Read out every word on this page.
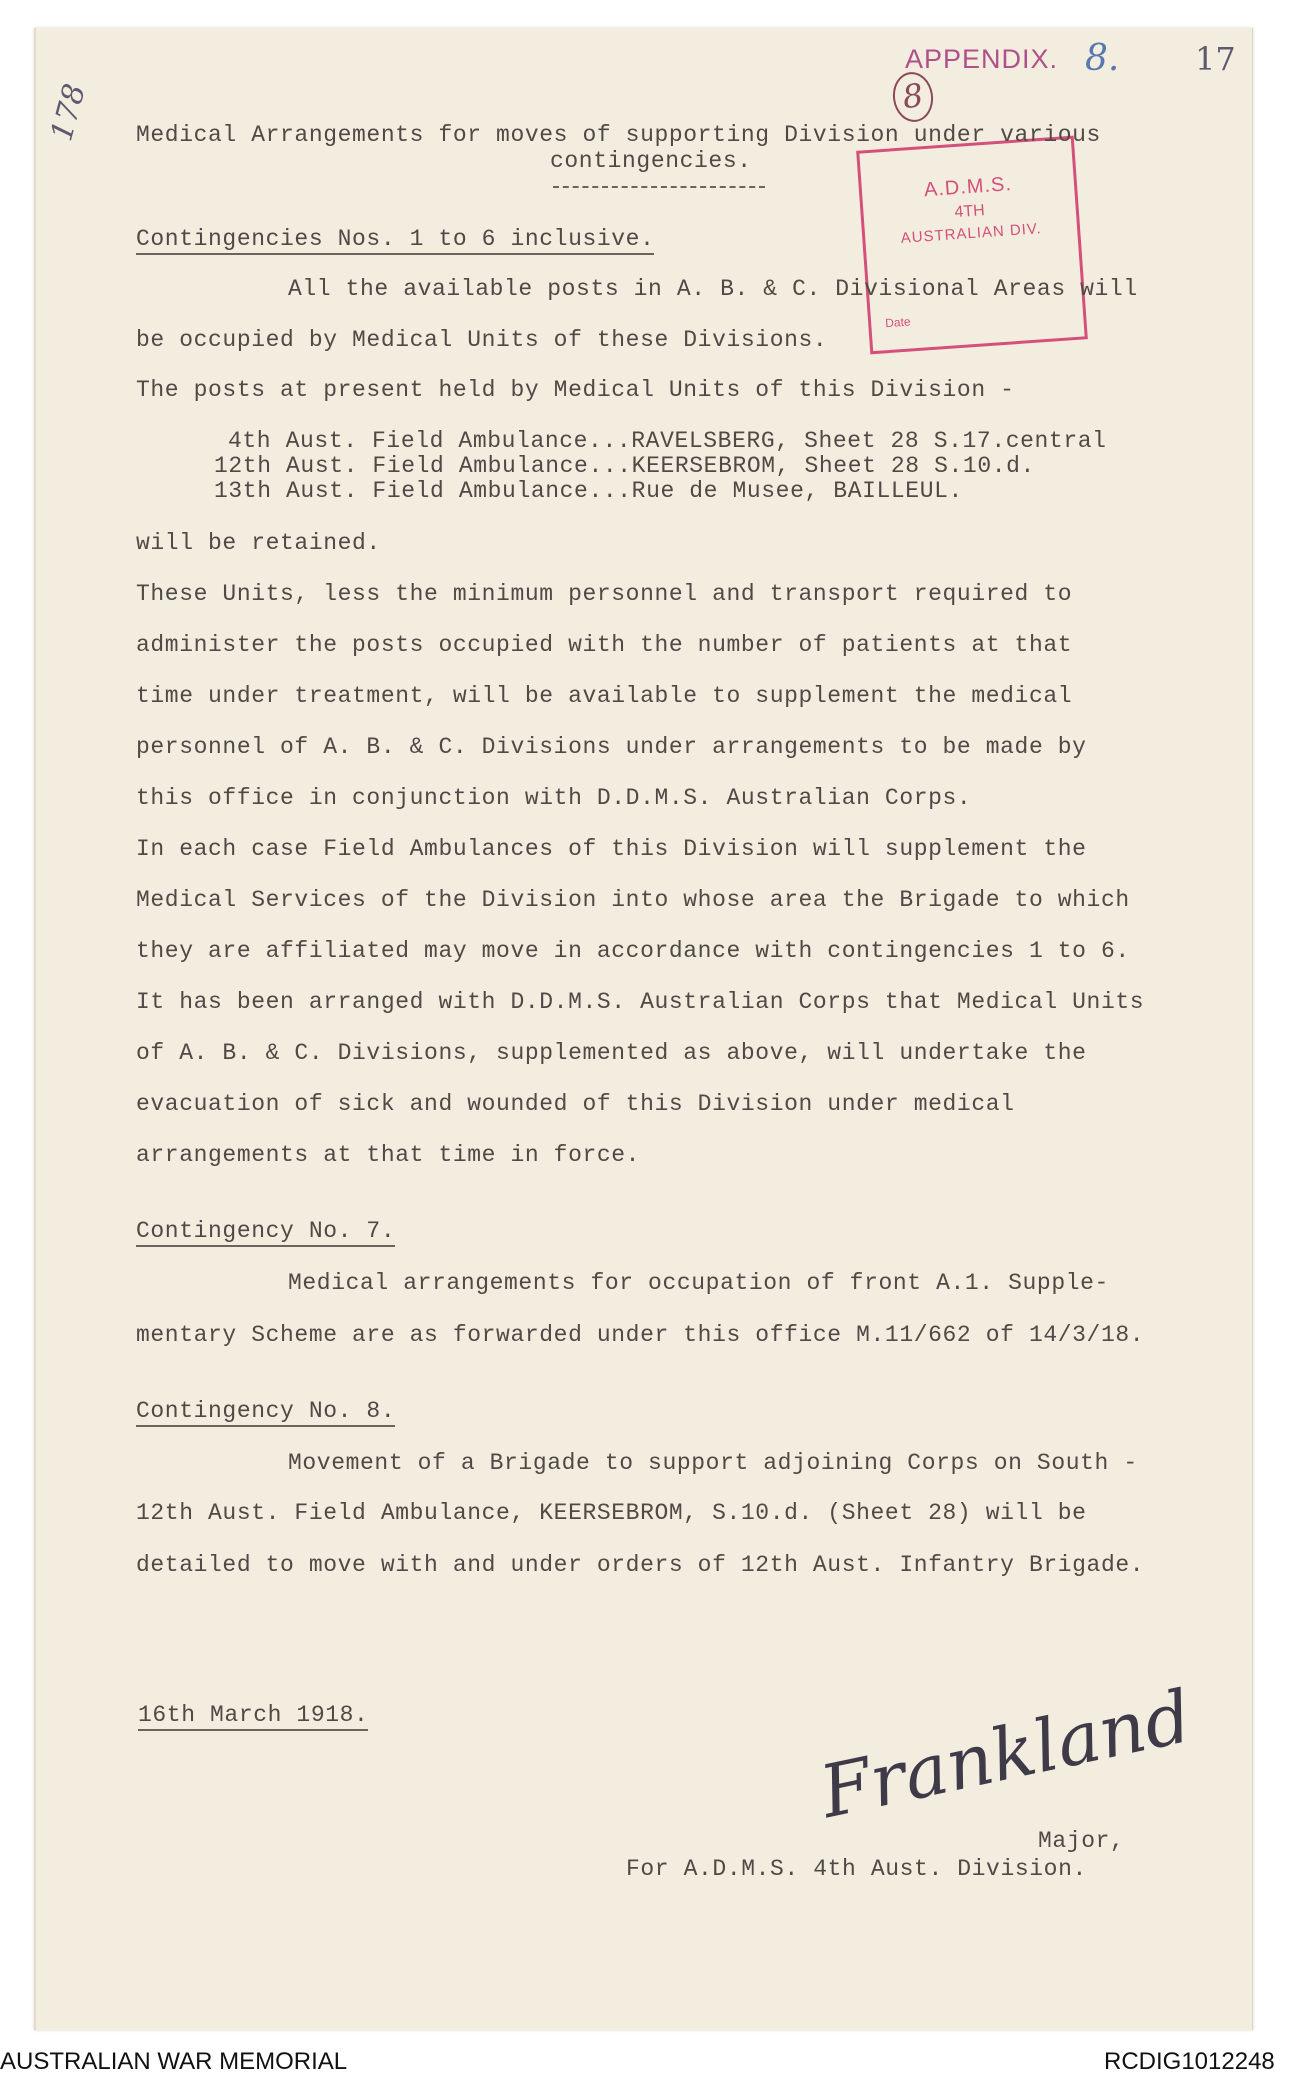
178
17
APPENDIX. 8.
8
A.D.M.S.
4TH
AUSTRALIAN DIV.
Date
Medical Arrangements for moves of supporting Division under various
contingencies.
Contingencies Nos. 1 to 6 inclusive.
All the available posts in A. B. & C. Divisional Areas will
be occupied by Medical Units of these Divisions.
The posts at present held by Medical Units of this Division -
4th Aust. Field Ambulance...RAVELSBERG, Sheet 28 S.17.central
12th Aust. Field Ambulance...KEERSEBROM, Sheet 28 S.10.d.
13th Aust. Field Ambulance...Rue de Musee, BAILLEUL.
will be retained.
These Units, less the minimum personnel and transport required to
administer the posts occupied with the number of patients at that
time under treatment, will be available to supplement the medical
personnel of A. B. & C. Divisions under arrangements to be made by
this office in conjunction with D.D.M.S. Australian Corps.
In each case Field Ambulances of this Division will supplement the
Medical Services of the Division into whose area the Brigade to which
they are affiliated may move in accordance with contingencies 1 to 6.
It has been arranged with D.D.M.S. Australian Corps that Medical Units
of A. B. & C. Divisions, supplemented as above, will undertake the
evacuation of sick and wounded of this Division under medical
arrangements at that time in force.
Contingency No. 7.
Medical arrangements for occupation of front A.1. Supple-
mentary Scheme are as forwarded under this office M.11/662 of 14/3/18.
Contingency No. 8.
Movement of a Brigade to support adjoining Corps on South -
12th Aust. Field Ambulance, KEERSEBROM, S.10.d. (Sheet 28) will be
detailed to move with and under orders of 12th Aust. Infantry Brigade.
16th March 1918.	Frankland
Major,
For A.D.M.S. 4th Aust. Division.
AUSTRALIAN WAR MEMORIAL	RCDIG1012248
